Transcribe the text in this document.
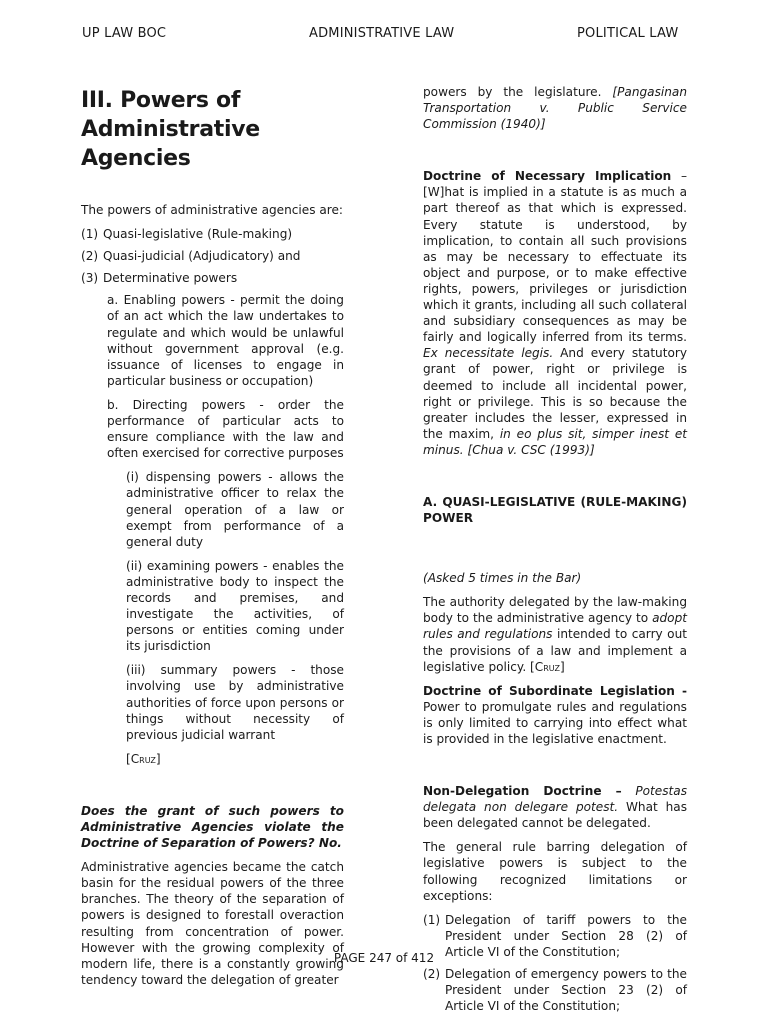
UP LAW BOC	ADMINISTRATIVE LAW	POLITICAL LAW
III. Powers of
Administrative
Agencies

The powers of administrative agencies are:

(1) Quasi-legislative (Rule-making)
(2) Quasi-judicial (Adjudicatory) and
(3) Determinative powers

a. Enabling powers - permit the doing of an act which the law undertakes to regulate and which would be unlawful without government approval (e.g. issuance of licenses to engage in particular business or occupation)

b. Directing powers - order the performance of particular acts to ensure compliance with the law and often exercised for corrective purposes

(i) dispensing powers - allows the administrative officer to relax the general operation of a law or exempt from performance of a general duty

(ii) examining powers - enables the administrative body to inspect the records and premises, and investigate the activities, of persons or entities coming under its jurisdiction

(iii) summary powers - those involving use by administrative authorities of force upon persons or things without necessity of previous judicial warrant

[Cruz]

Does the grant of such powers to Administrative Agencies violate the Doctrine of Separation of Powers? No.

Administrative agencies became the catch basin for the residual powers of the three branches. The theory of the separation of powers is designed to forestall overaction resulting from concentration of power. However with the growing complexity of modern life, there is a constantly growing tendency toward the delegation of greater

powers by the legislature. [Pangasinan Transportation v. Public Service Commission (1940)]

Doctrine of Necessary Implication – [W]hat is implied in a statute is as much a part thereof as that which is expressed. Every statute is understood, by implication, to contain all such provisions as may be necessary to effectuate its object and purpose, or to make effective rights, powers, privileges or jurisdiction which it grants, including all such collateral and subsidiary consequences as may be fairly and logically inferred from its terms. Ex necessitate legis. And every statutory grant of power, right or privilege is deemed to include all incidental power, right or privilege. This is so because the greater includes the lesser, expressed in the maxim, in eo plus sit, simper inest et minus. [Chua v. CSC (1993)]

A. QUASI-LEGISLATIVE (RULE-MAKING) POWER

(Asked 5 times in the Bar)

The authority delegated by the law-making body to the administrative agency to adopt rules and regulations intended to carry out the provisions of a law and implement a legislative policy. [Cruz]

Doctrine of Subordinate Legislation - Power to promulgate rules and regulations is only limited to carrying into effect what is provided in the legislative enactment.

Non-Delegation Doctrine – Potestas delegata non delegare potest. What has been delegated cannot be delegated.

The general rule barring delegation of legislative powers is subject to the following recognized limitations or exceptions:

(1) Delegation of tariff powers to the President under Section 28 (2) of Article VI of the Constitution;
(2) Delegation of emergency powers to the President under Section 23 (2) of Article VI of the Constitution;
PAGE 247 of 412
